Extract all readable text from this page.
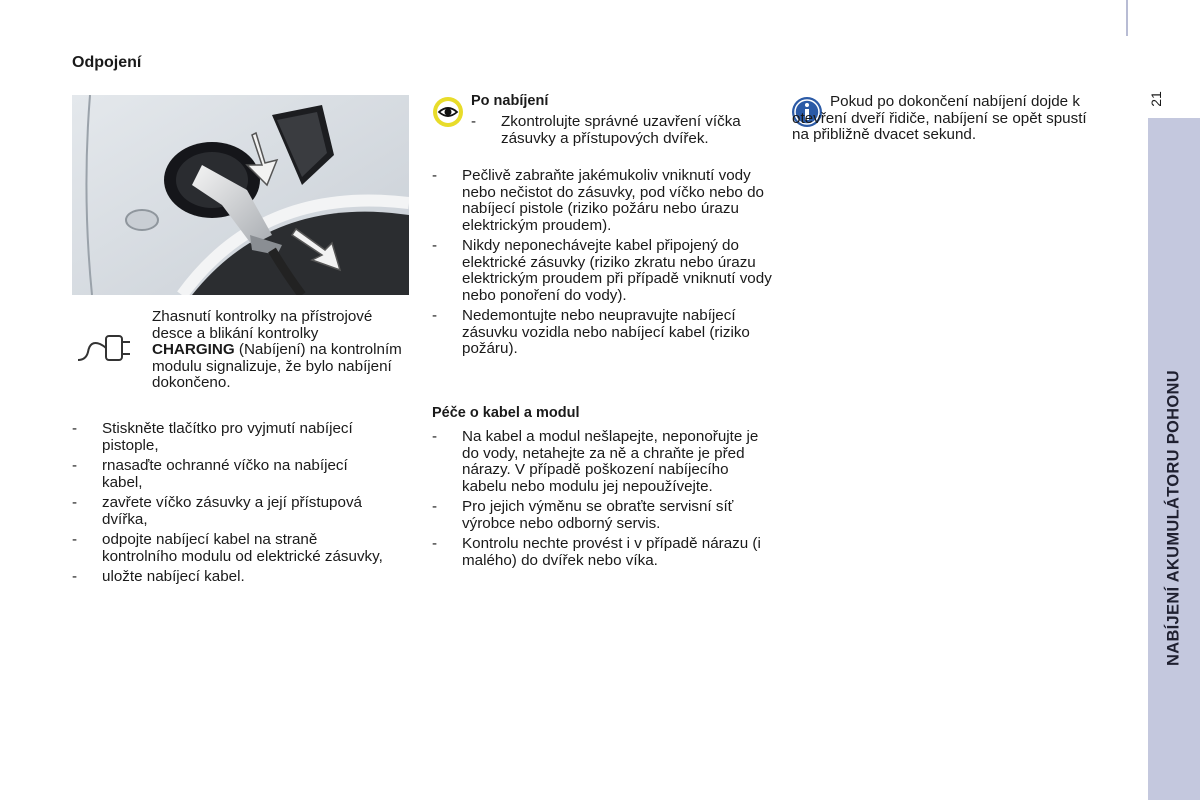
Odpojení
Zhasnutí kontrolky na přístrojové desce a blikání kontrolky CHARGING (Nabíjení) na kontrolním modulu signalizuje, že bylo nabíjení dokončeno.
- Stiskněte tlačítko pro vyjmutí nabíjecí pistople,
- rnasaďte ochranné víčko na nabíjecí kabel,
- zavřete víčko zásuvky a její přístupová dvířka,
- odpojte nabíjecí kabel na straně kontrolního modulu od elektrické zásuvky,
- uložte nabíjecí kabel.
Po nabíjení
- Zkontrolujte správné uzavření víčka zásuvky a přístupových dvířek.
- Pečlivě zabraňte jakémukoliv vniknutí vody nebo nečistot do zásuvky, pod víčko nebo do nabíjecí pistole (riziko požáru nebo úrazu elektrickým proudem).
- Nikdy neponechávejte kabel připojený do elektrické zásuvky (riziko zkratu nebo úrazu elektrickým proudem při případě vniknutí vody nebo ponoření do vody).
- Nedemontujte nebo neupravujte nabíjecí zásuvku vozidla nebo nabíjecí kabel (riziko požáru).
Péče o kabel a modul
- Na kabel a modul nešlapejte, neponořujte je do vody, netahejte za ně a chraňte je před nárazy. V případě poškození nabíjecího kabelu nebo modulu jej nepoužívejte.
- Pro jejich výměnu se obraťte servisní síť výrobce nebo odborný servis.
- Kontrolu nechte provést i v případě nárazu (i malého) do dvířek nebo víka.
Pokud po dokončení nabíjení dojde k otevření dveří řidiče, nabíjení se opět spustí na přibližně dvacet sekund.
21
NABÍJENÍ AKUMULÁTORU POHONU
